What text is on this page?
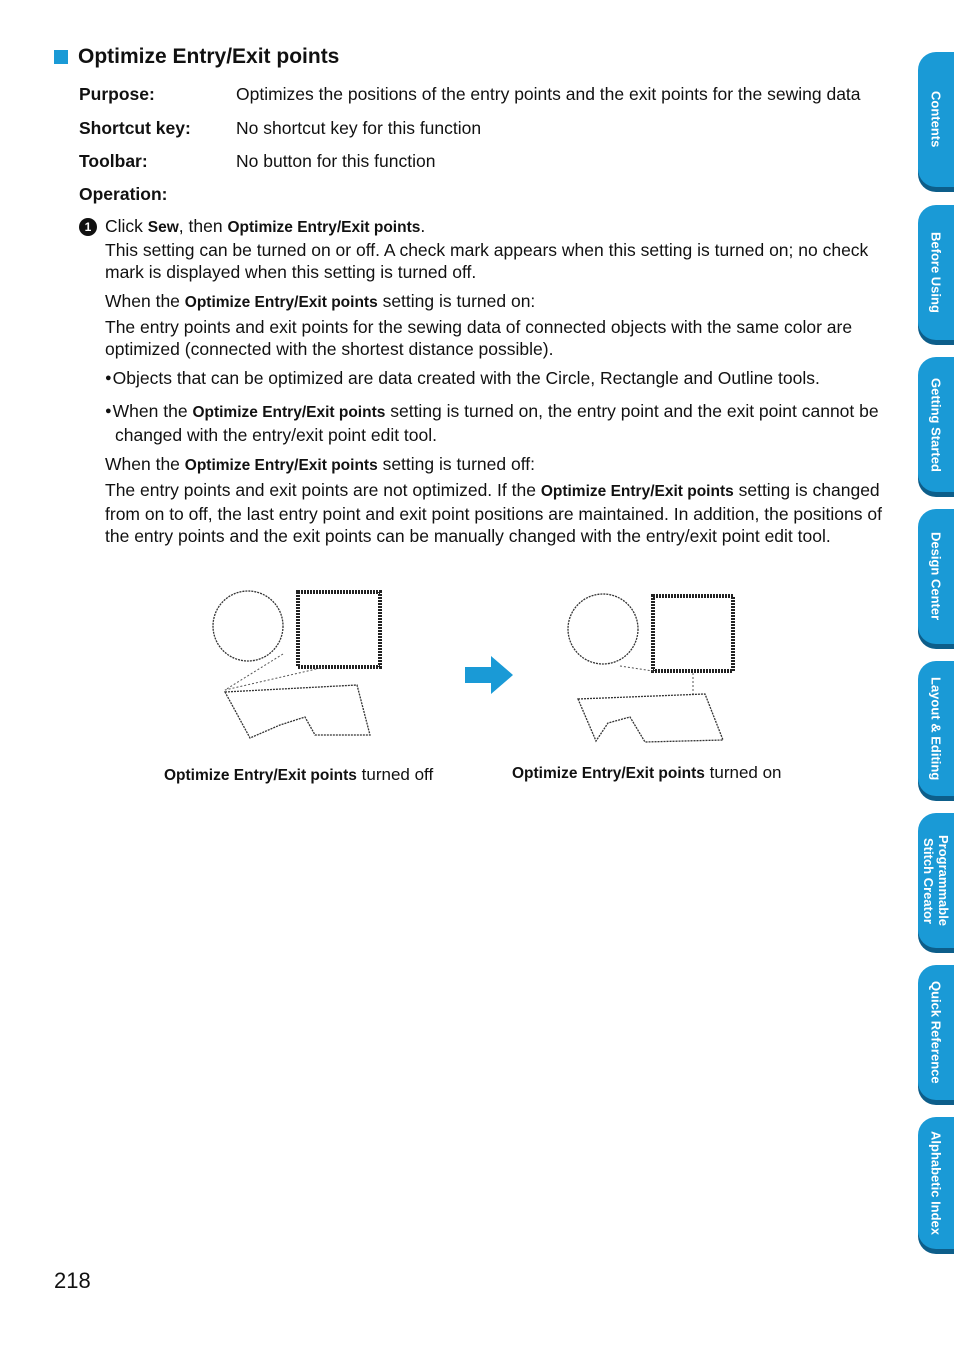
Optimize Entry/Exit points
Purpose:	Optimizes the positions of the entry points and the exit points for the sewing data
Shortcut key:	No shortcut key for this function
Toolbar:	No button for this function
Operation:
1 Click Sew, then Optimize Entry/Exit points.
This setting can be turned on or off. A check mark appears when this setting is turned on; no check mark is displayed when this setting is turned off.
When the Optimize Entry/Exit points setting is turned on:
The entry points and exit points for the sewing data of connected objects with the same color are optimized (connected with the shortest distance possible).
●Objects that can be optimized are data created with the Circle, Rectangle and Outline tools.
●When the Optimize Entry/Exit points setting is turned on, the entry point and the exit point cannot be changed with the entry/exit point edit tool.
When the Optimize Entry/Exit points setting is turned off:
The entry points and exit points are not optimized. If the Optimize Entry/Exit points setting is changed from on to off, the last entry point and exit point positions are maintained. In addition, the positions of the entry points and the exit points can be manually changed with the entry/exit point edit tool.
Optimize Entry/Exit points turned off	Optimize Entry/Exit points turned on
218
Contents
Before Using
Getting Started
Design Center
Layout & Editing
Programmable
Stitch Creator
Quick Reference
Alphabetic Index
